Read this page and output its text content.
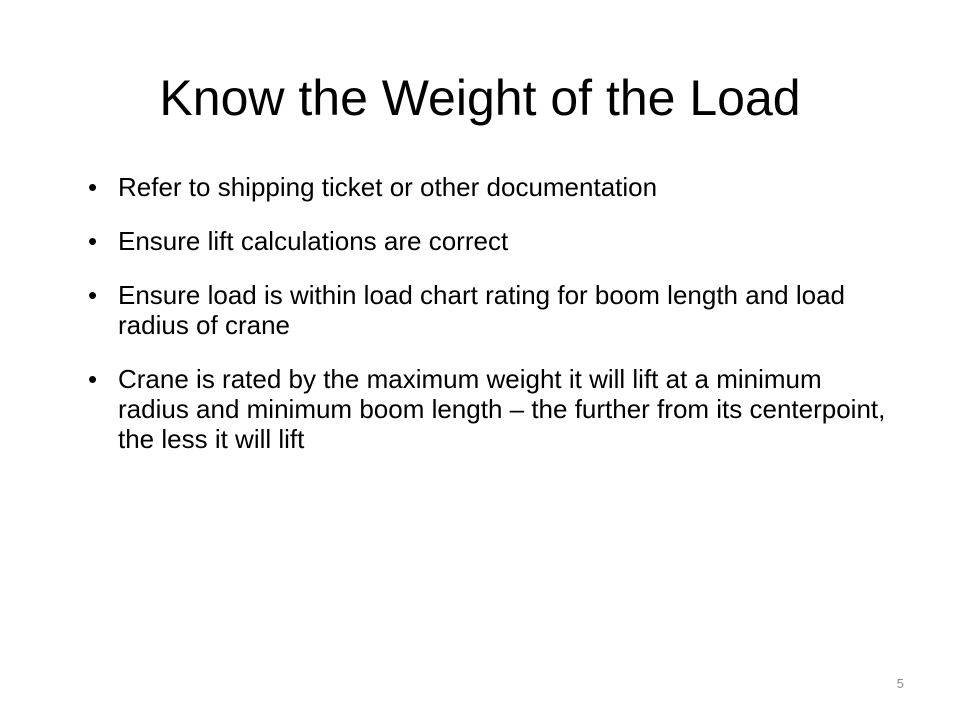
Know the Weight of the Load
• Refer to shipping ticket or other documentation
• Ensure lift calculations are correct
• Ensure load is within load chart rating for boom length and load radius of crane
• Crane is rated by the maximum weight it will lift at a minimum radius and minimum boom length – the further from its centerpoint, the less it will lift
5
